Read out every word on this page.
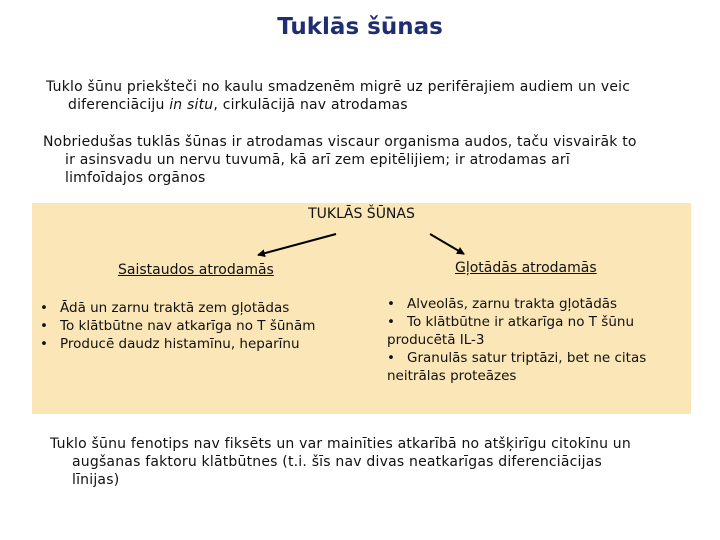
Tuklās šūnas
Tuklo šūnu priekšteči no kaulu smadzenēm migrē uz perifērajiem audiem un veic
diferenciāciju in situ, cirkulācijā nav atrodamas
Nobriedušas tuklās šūnas ir atrodamas viscaur organisma audos, taču visvairāk to
ir asinsvadu un nervu tuvumā, kā arī zem epitēlijiem; ir atrodamas arī
limfoīdajos orgānos
TUKLĀS ŠŪNAS
Saistaudos atrodamās	Gļotādās atrodamās
• Ādā un zarnu traktā zem gļotādas
• To klātbūtne nav atkarīga no T šūnām
• Producē daudz histamīnu, heparīnu
• Alveolās, zarnu trakta gļotādās
• To klātbūtne ir atkarīga no T šūnu producētā IL-3
• Granulās satur triptāzi, bet ne citas neitrālas proteāzes
Tuklo šūnu fenotips nav fiksēts un var mainīties atkarībā no atšķirīgu citokīnu un
augšanas faktoru klātbūtnes (t.i. šīs nav divas neatkarīgas diferenciācijas
līnijas)
